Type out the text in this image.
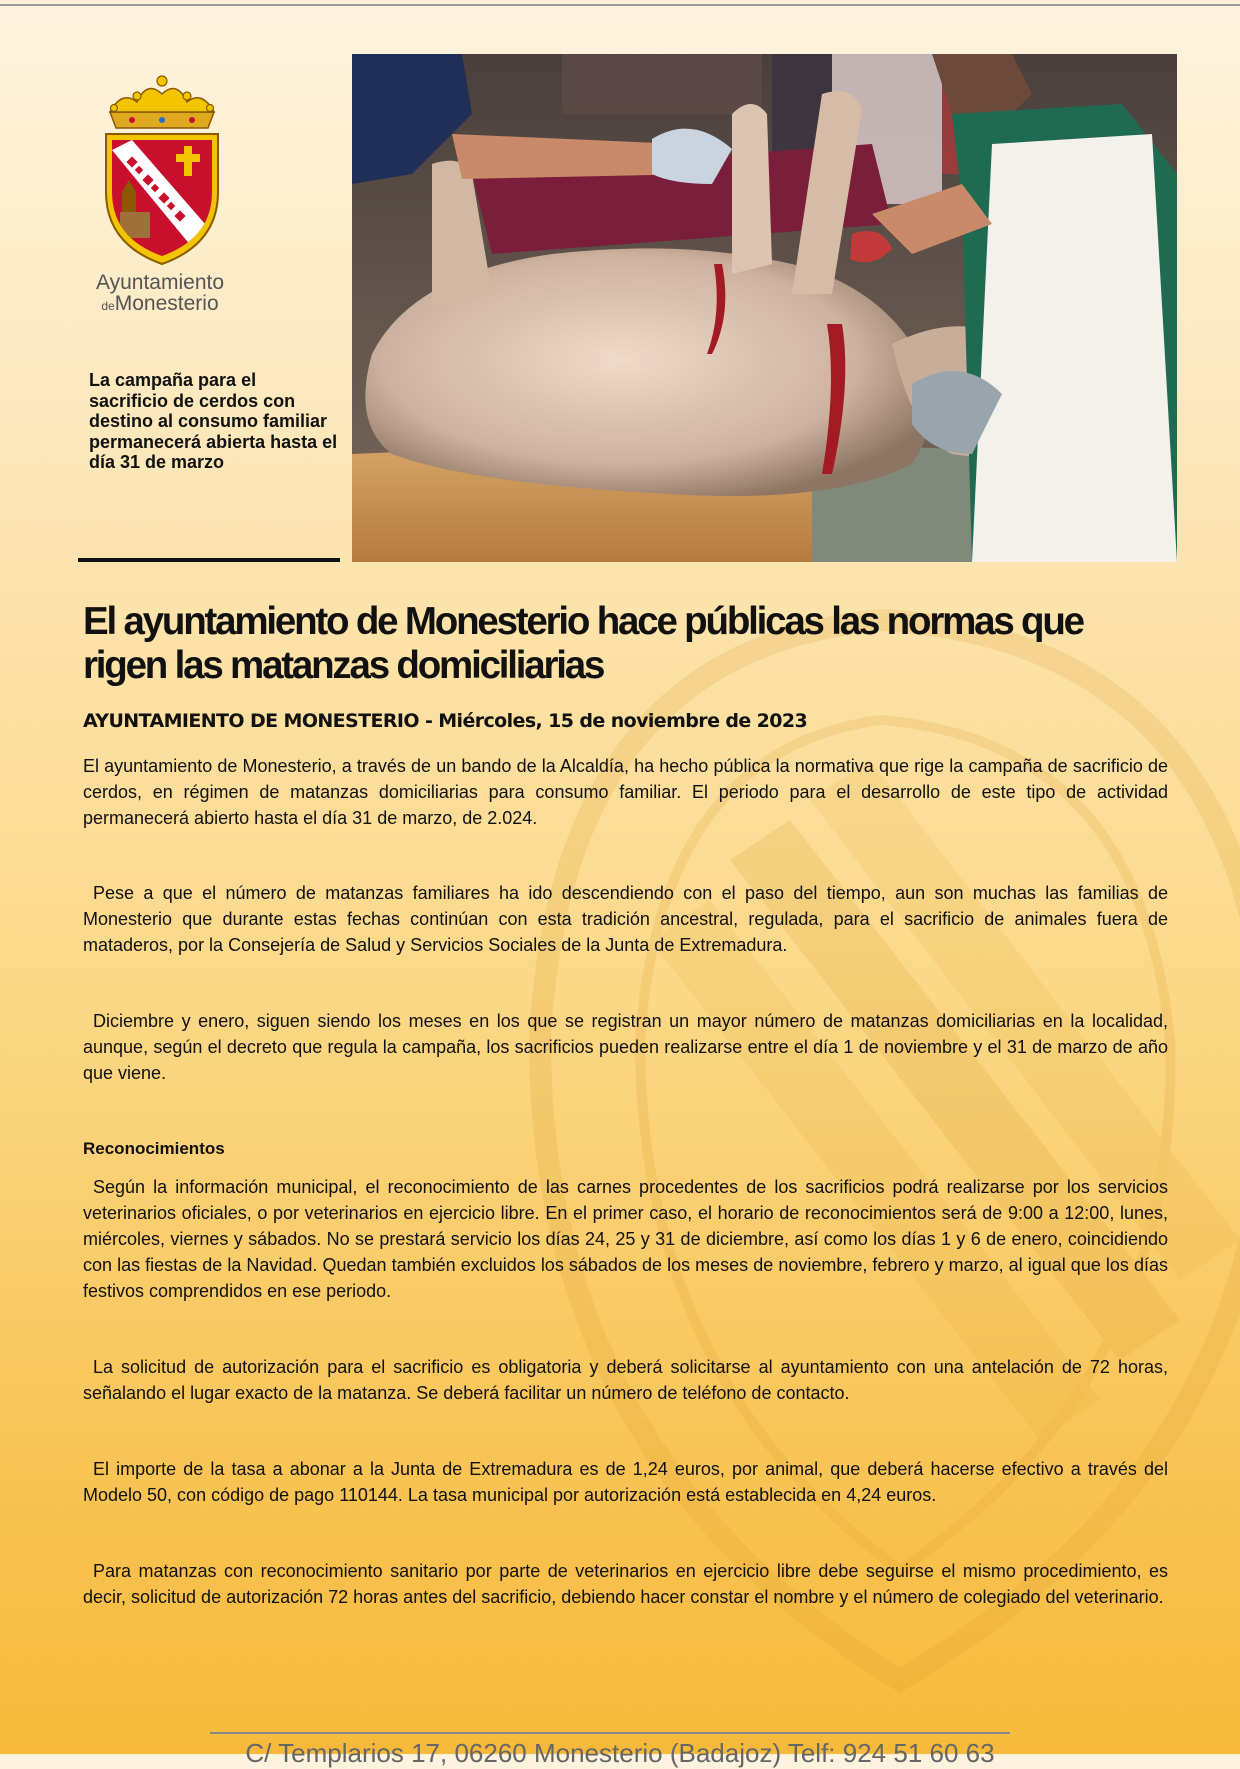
Ayuntamiento
deMonesterio
La campaña para el sacrificio de cerdos con destino al consumo familiar permanecerá abierta hasta el día 31 de marzo
El ayuntamiento de Monesterio hace públicas las normas que rigen las matanzas domiciliarias
AYUNTAMIENTO DE MONESTERIO - Miércoles, 15 de noviembre de 2023

El ayuntamiento de Monesterio, a través de un bando de la Alcaldía, ha hecho pública la normativa que rige la campaña de sacrificio de cerdos, en régimen de matanzas domiciliarias para consumo familiar. El periodo para el desarrollo de este tipo de actividad permanecerá abierto hasta el día 31 de marzo, de 2.024.

Pese a que el número de matanzas familiares ha ido descendiendo con el paso del tiempo, aun son muchas las familias de Monesterio que durante estas fechas continúan con esta tradición ancestral, regulada, para el sacrificio de animales fuera de mataderos, por la Consejería de Salud y Servicios Sociales de la Junta de Extremadura.

Diciembre y enero, siguen siendo los meses en los que se registran un mayor número de matanzas domiciliarias en la localidad, aunque, según el decreto que regula la campaña, los sacrificios pueden realizarse entre el día 1 de noviembre y el 31 de marzo de año que viene.

Reconocimientos

Según la información municipal, el reconocimiento de las carnes procedentes de los sacrificios podrá realizarse por los servicios veterinarios oficiales, o por veterinarios en ejercicio libre. En el primer caso, el horario de reconocimientos será de 9:00 a 12:00, lunes, miércoles, viernes y sábados. No se prestará servicio los días 24, 25 y 31 de diciembre, así como los días 1 y 6 de enero, coincidiendo con las fiestas de la Navidad. Quedan también excluidos los sábados de los meses de noviembre, febrero y marzo, al igual que los días festivos comprendidos en ese periodo.

La solicitud de autorización para el sacrificio es obligatoria y deberá solicitarse al ayuntamiento con una antelación de 72 horas, señalando el lugar exacto de la matanza. Se deberá facilitar un número de teléfono de contacto.

El importe de la tasa a abonar a la Junta de Extremadura es de 1,24 euros, por animal, que deberá hacerse efectivo a través del Modelo 50, con código de pago 110144. La tasa municipal por autorización está establecida en 4,24 euros.

Para matanzas con reconocimiento sanitario por parte de veterinarios en ejercicio libre debe seguirse el mismo procedimiento, es decir, solicitud de autorización 72 horas antes del sacrificio, debiendo hacer constar el nombre y el número de colegiado del veterinario.

C/ Templarios 17, 06260 Monesterio (Badajoz) Telf: 924 51 60 63
